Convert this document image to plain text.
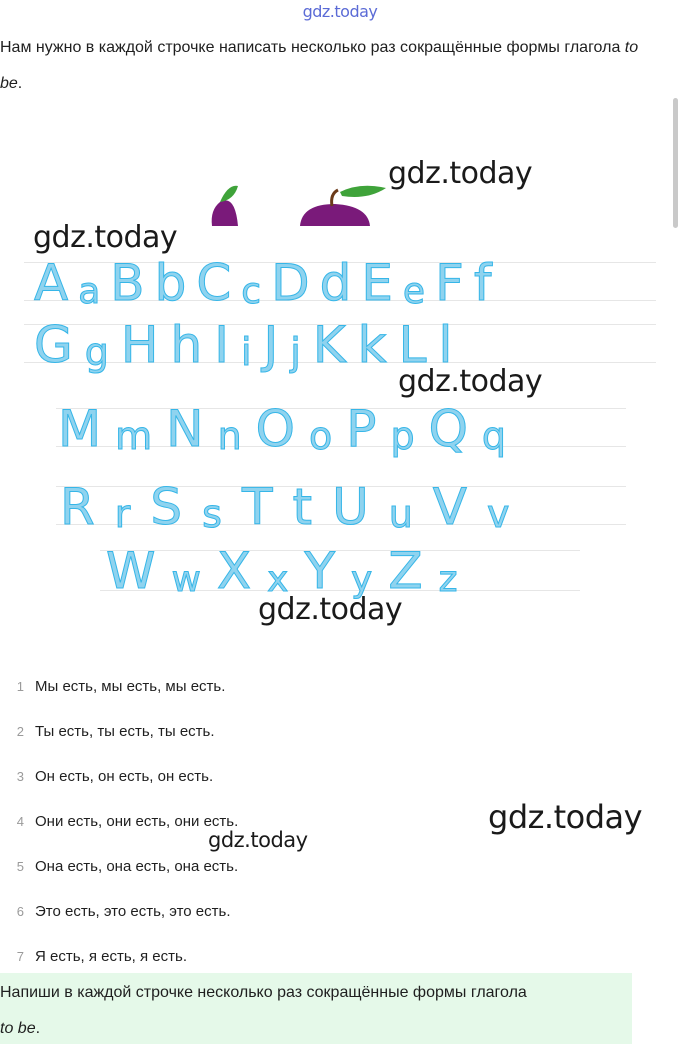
gdz.today

Нам нужно в каждой строчке написать несколько раз сокращённые формы глагола to be.

gdz.today
gdz.today
A a B b C c D d E e F f
G g H h I i J j K k L l
M m N n O o P p Q q
R r S s T t U u V v
W w X x Y y Z z
gdz.today
gdz.today
1 Мы есть, мы есть, мы есть.
2 Ты есть, ты есть, ты есть.
3 Он есть, он есть, он есть.
4 Они есть, они есть, они есть.
5 Она есть, она есть, она есть.
6 Это есть, это есть, это есть.
7 Я есть, я есть, я есть.
gdz.today
gdz.today
Напиши в каждой строчке несколько раз сокращённые формы глагола
to be.
